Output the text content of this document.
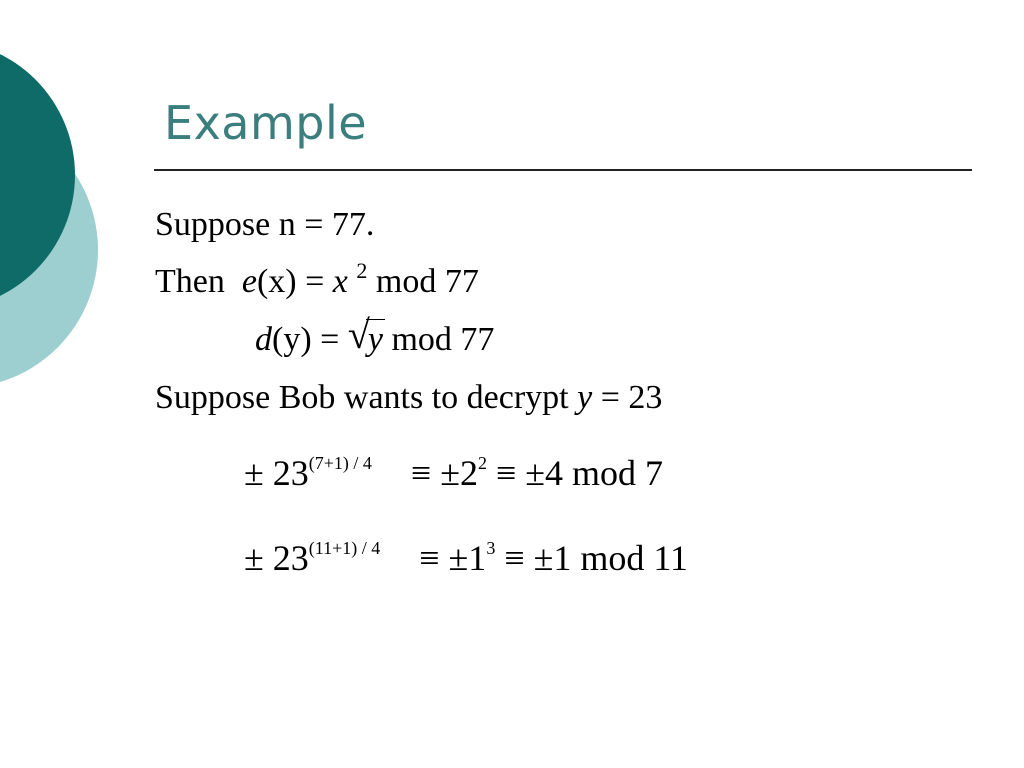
Example
Suppose n = 77.
Then e(x) = x $^2$ mod 77
d(y) = √
y mod 77
Suppose Bob wants to decrypt y = 23
± $23^{(7+1) / 4} \equiv \pm 2^2 \equiv \pm 4$ mod 7
± $23^{(11+1) / 4} \equiv \pm 1^3 \equiv \pm 1$ mod 11
